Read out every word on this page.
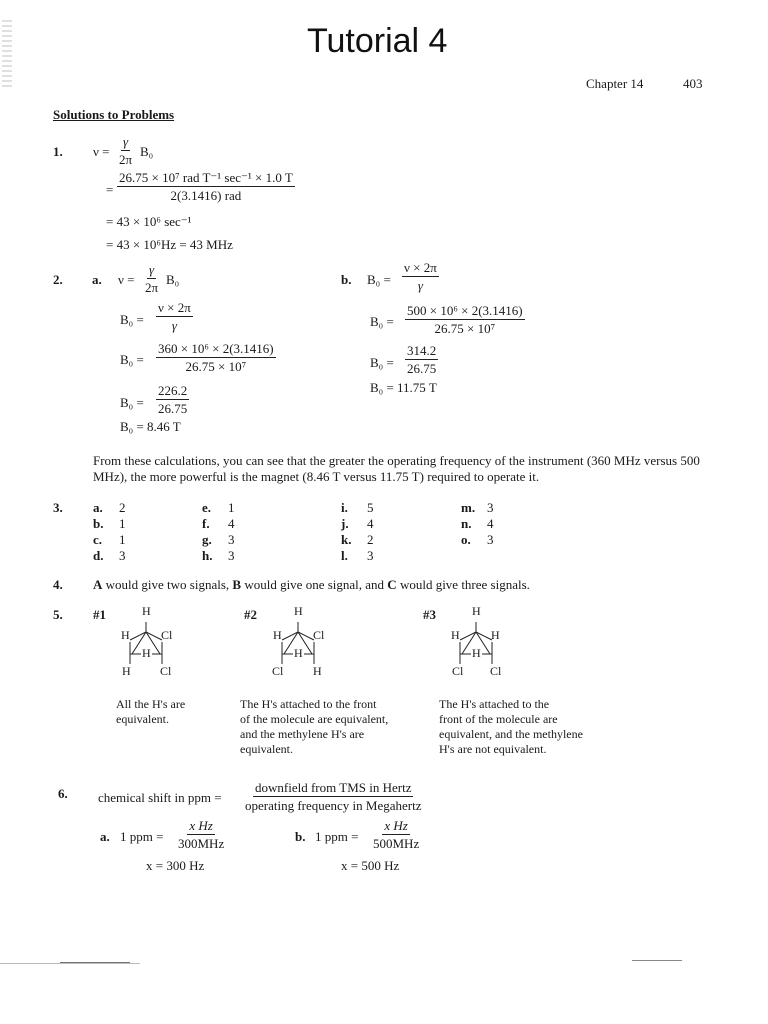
Tutorial 4
Chapter 14	403
Solutions to Problems
1. $\nu = \frac{\gamma}{2\pi} B_0$
=
26.75 × 10⁷ rad T⁻¹ sec⁻¹ × 1.0 T
2(3.1416) rad
= 43 × 10⁶ sec⁻¹
= 43 × 10⁶Hz = 43 MHz
2. a. $\nu = \frac{\gamma}{2\pi} B_0$
$B_0 = \frac{\nu \times 2\pi}{\gamma}$
$B_0 = \frac{\text{360 × 10⁶ × 2(3.1416)}}{\text{26.75 × 10⁷}}$
$B_0 = \frac{226.2}{26.75}$
B₀ = 8.46 T
b. $B_0 = \frac{\nu \times 2\pi}{\gamma}$
$B_0 = \frac{\text{500 × 10⁶ × 2(3.1416)}}{\text{26.75 × 10⁷}}$
$B_0 = \frac{314.2}{26.75}$
B₀ = 11.75 T
From these calculations, you can see that the greater the operating frequency of the instrument (360 MHz versus 500 MHz), the more powerful is the magnet (8.46 T versus 11.75 T) required to operate it.
3. a. 2
b. 1
c. 1
d. 3
e. 1
f. 4
g. 3
h. 3
i. 5
j. 4
k. 2
l. 3
m. 3
n. 4
o. 3
4. A would give two signals, B would give one signal, and C would give three signals.
5. #1	H
H	Cl
H
H Cl
All the H's are
equivalent.
#2	H
H	Cl
H
Cl H
The H's attached to the front
of the molecule are equivalent,
and the methylene H's are
equivalent.
#3	H
H	H
H
Cl Cl
The H's attached to the
front of the molecule are
equivalent, and the methylene
H's are not equivalent.
6. chemical shift in ppm =
downfield from TMS in Hertz
operating frequency in Megahertz
a. 1 ppm =
x Hz
300MHz
x = 300 Hz
b. 1 ppm =
x Hz
500MHz
x = 500 Hz
